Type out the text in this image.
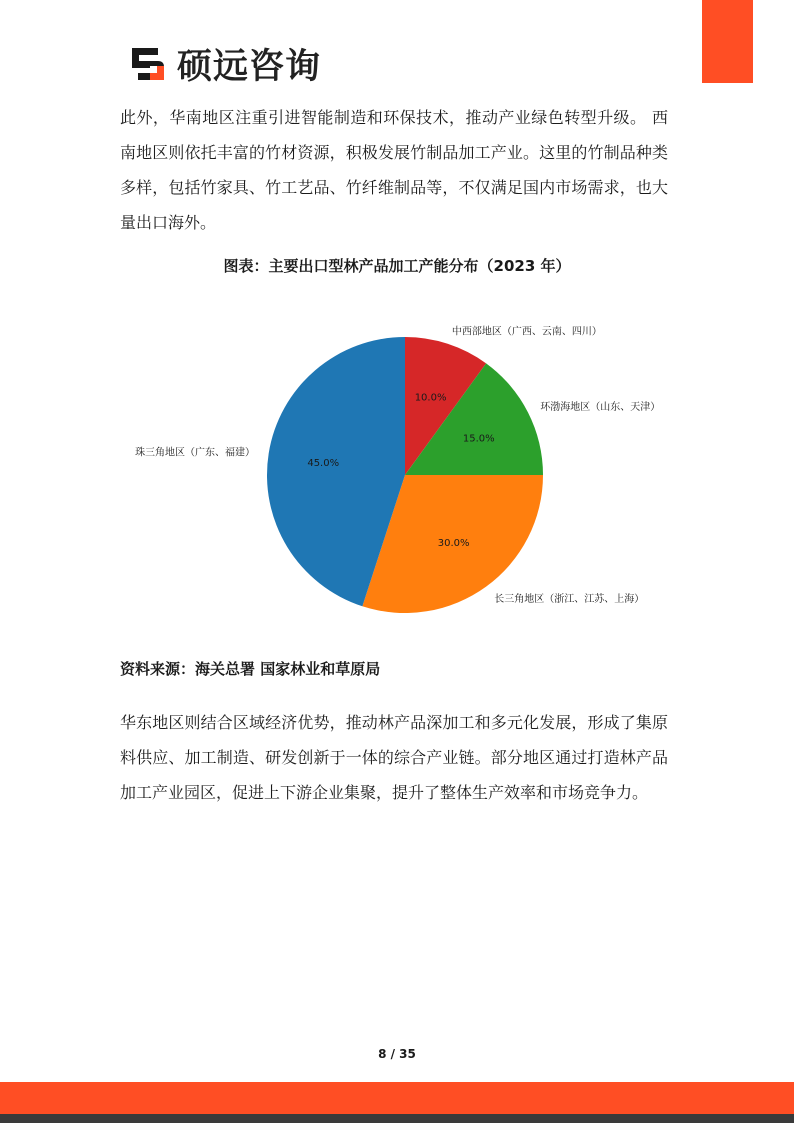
硕远咨询

此外，华南地区注重引进智能制造和环保技术，推动产业绿色转型升级。 西南地区则依托丰富的竹材资源，积极发展竹制品加工产业。这里的竹制品种类多样，包括竹家具、竹工艺品、竹纤维制品等，不仅满足国内市场需求，也大量出口海外。

图表：主要出口型林产品加工产能分布（2023 年）
10.0%
中西部地区（广西、云南、四川）
15.0%
环渤海地区（山东、天津）
30.0%
长三角地区（浙江、江苏、上海）
45.0%
珠三角地区（广东、福建）
资料来源：海关总署 国家林业和草原局

华东地区则结合区域经济优势，推动林产品深加工和多元化发展，形成了集原料供应、加工制造、研发创新于一体的综合产业链。部分地区通过打造林产品加工产业园区，促进上下游企业集聚，提升了整体生产效率和市场竞争力。

8 / 35
